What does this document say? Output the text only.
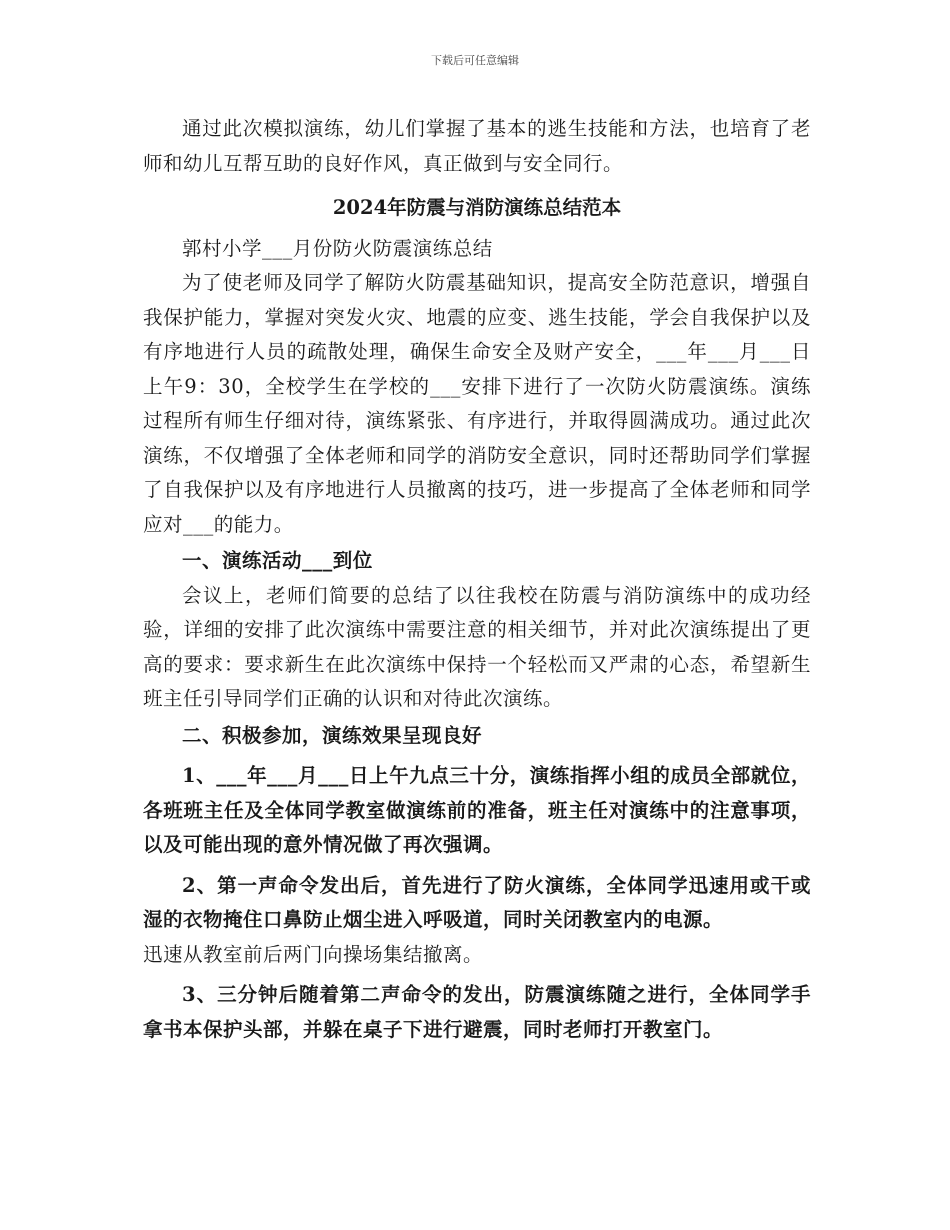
下载后可任意编辑

通过此次模拟演练，幼儿们掌握了基本的逃生技能和方法，也培育了老师和幼儿互帮互助的良好作风，真正做到与安全同行。

2024年防震与消防演练总结范本

郭村小学___月份防火防震演练总结

为了使老师及同学了解防火防震基础知识，提高安全防范意识，增强自我保护能力，掌握对突发火灾、地震的应变、逃生技能，学会自我保护以及有序地进行人员的疏散处理，确保生命安全及财产安全，___年___月___日上午9：30，全校学生在学校的___安排下进行了一次防火防震演练。演练过程所有师生仔细对待，演练紧张、有序进行，并取得圆满成功。通过此次演练，不仅增强了全体老师和同学的消防安全意识，同时还帮助同学们掌握了自我保护以及有序地进行人员撤离的技巧，进一步提高了全体老师和同学应对___的能力。

一、演练活动___到位

会议上，老师们简要的总结了以往我校在防震与消防演练中的成功经验，详细的安排了此次演练中需要注意的相关细节，并对此次演练提出了更高的要求：要求新生在此次演练中保持一个轻松而又严肃的心态，希望新生班主任引导同学们正确的认识和对待此次演练。

二、积极参加，演练效果呈现良好

1、___年___月___日上午九点三十分，演练指挥小组的成员全部就位，各班班主任及全体同学教室做演练前的准备，班主任对演练中的注意事项，以及可能出现的意外情况做了再次强调。

2、第一声命令发出后，首先进行了防火演练，全体同学迅速用或干或湿的衣物掩住口鼻防止烟尘进入呼吸道，同时关闭教室内的电源。

迅速从教室前后两门向操场集结撤离。

3、三分钟后随着第二声命令的发出，防震演练随之进行，全体同学手拿书本保护头部，并躲在桌子下进行避震，同时老师打开教室门。
